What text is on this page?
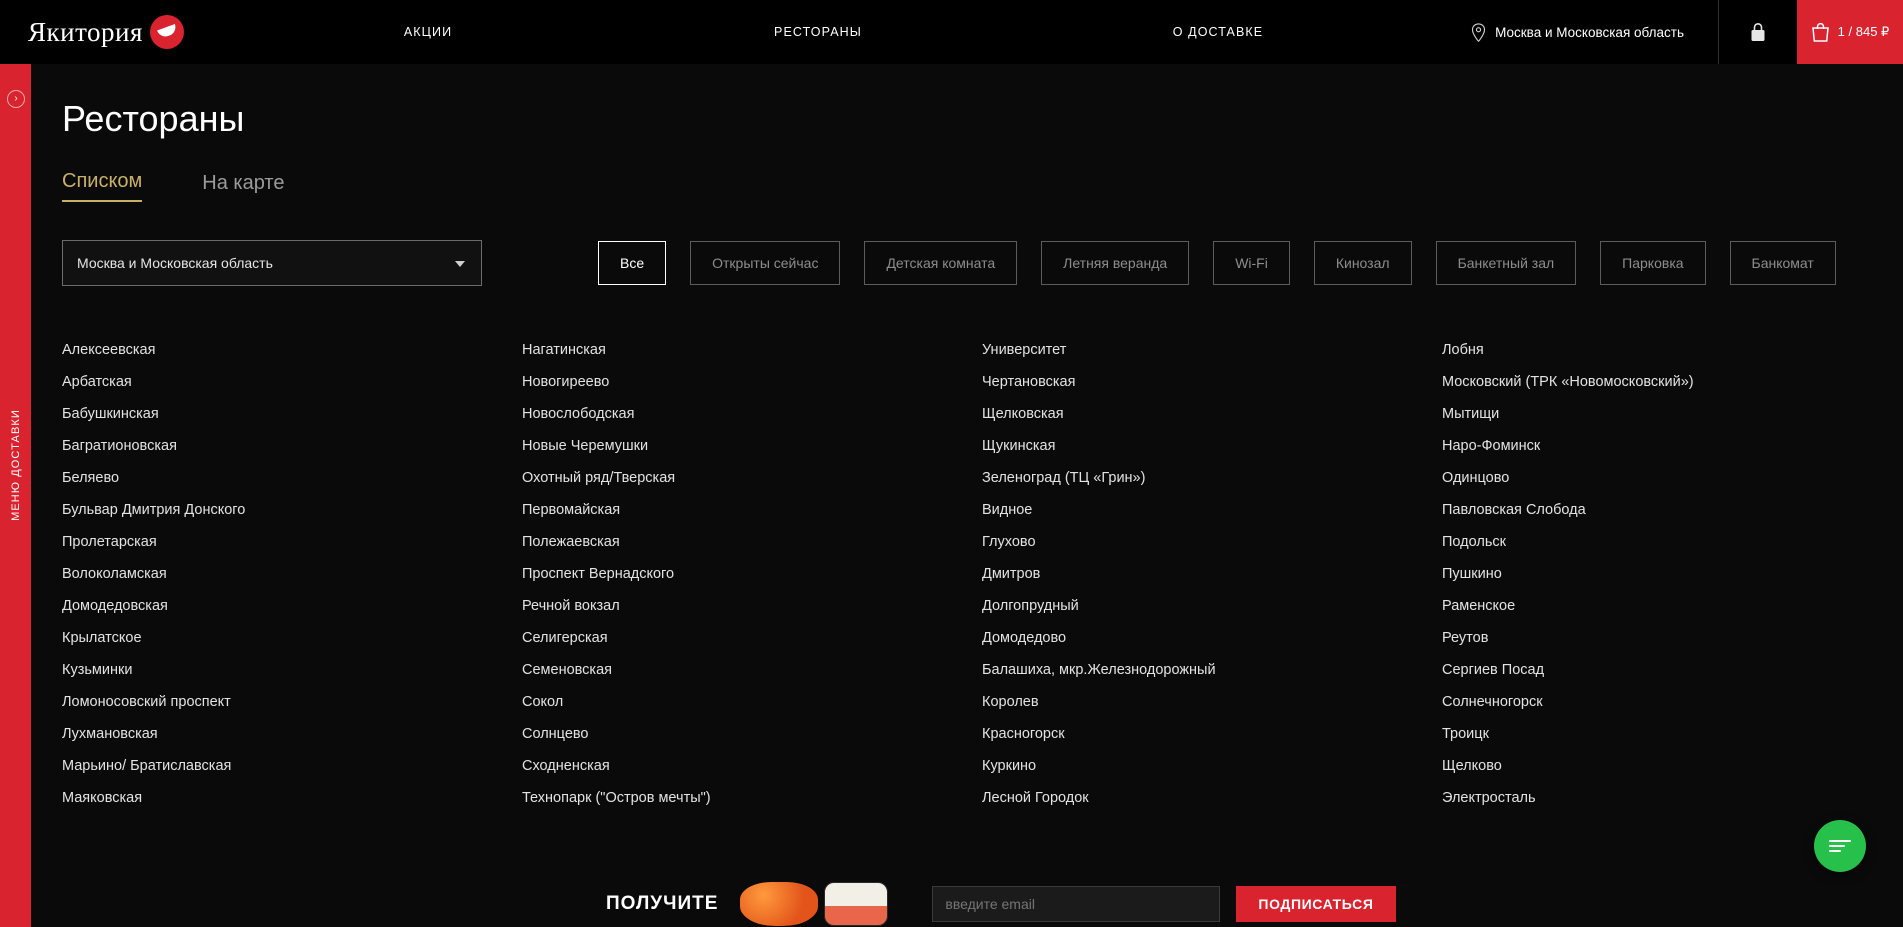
Якитория	АКЦИИ	РЕСТОРАНЫ	О ДОСТАВКЕ	Москва и Московская область	1 / 845 ₽
›
МЕНЮ ДОСТАВКИ
Рестораны
Списком	На карте
Москва и Московская область	Все	Открыты сейчас	Детская комната	Летняя веранда	Wi-Fi	Кинозал	Банкетный зал	Парковка	Банкомат
Алексеевская
Арбатская
Бабушкинская
Багратионовская
Беляево
Бульвар Дмитрия Донского
Пролетарская
Волоколамская
Домодедовская
Крылатское
Кузьминки
Ломоносовский проспект
Лухмановская
Марьино/ Братиславская
Маяковская
Нагатинская
Новогиреево
Новослободская
Новые Черемушки
Охотный ряд/Тверская
Первомайская
Полежаевская
Проспект Вернадского
Речной вокзал
Селигерская
Семеновская
Сокол
Солнцево
Сходненская
Технопарк ("Остров мечты")
Университет
Чертановская
Щелковская
Щукинская
Зеленоград (ТЦ «Грин»)
Видное
Глухово
Дмитров
Долгопрудный
Домодедово
Балашиха, мкр.Железнодорожный
Королев
Красногорск
Куркино
Лесной Городок
Лобня
Московский (ТРК «Новомосковский»)
Мытищи
Наро-Фоминск
Одинцово
Павловская Слобода
Подольск
Пушкино
Раменское
Реутов
Сергиев Посад
Солнечногорск
Троицк
Щелково
Электросталь
ПОЛУЧИТЕ
введите email	ПОДПИСАТЬСЯ
